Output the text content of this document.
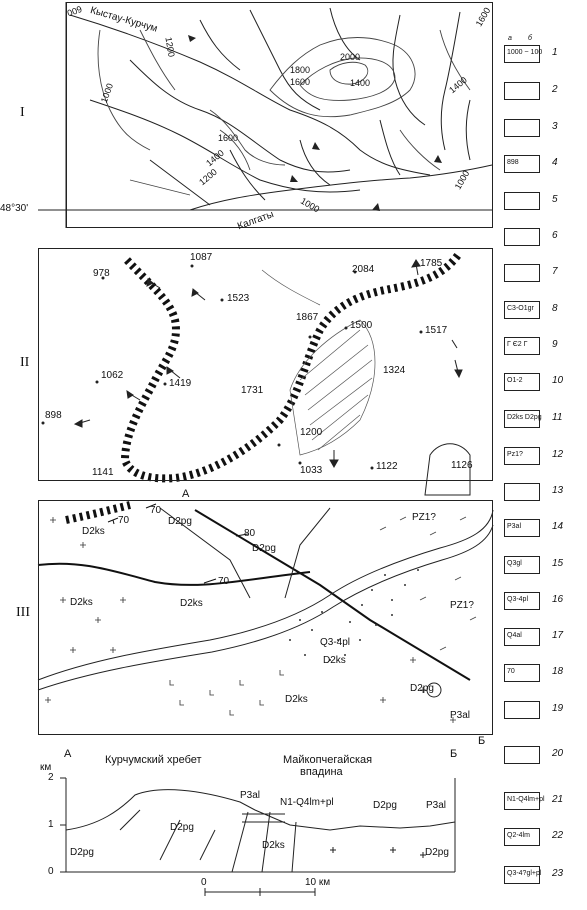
I
II
III
Кыстау-Курчум
Калгаты
48°30'
600
1000
1200
1800
1600
2000
1400
1600
1400
1200
1400
1000
1000
1600
978
1087
1523
1785
2084
1867
1500	1517
1062
1419
1731
1324
898
1200
1126
1033	1122
1141
А
Б
D2pg	PZ1?
D2ks
D2pg
D2ks	D2ks	PZ1?
Q3-4pl
D2ks
D2ks
D2pg
P3al
70
70
80
70
А	Б
км
Курчумский хребет	Майкопчегайская
впадина
2
1
0
P3al
N1-Q4lm+pl	D2pg	P3al
D2pg
D2ks
D2pg	D2pg
0	10 км
а б
1000 ~ 100 1
2
3
898	4
5
6
7
C3-O1gr 8
Г Є2 Г 9
O1-2	10
D2ks D2pg 11
Pz1?	12
13
P3al	14
Q3gl	15
Q3-4pl 16
Q4al	17
70	18
19
20
N1-Q4lm+pl 21
Q2-4lm 22
Q3-4?gl+pl 23
